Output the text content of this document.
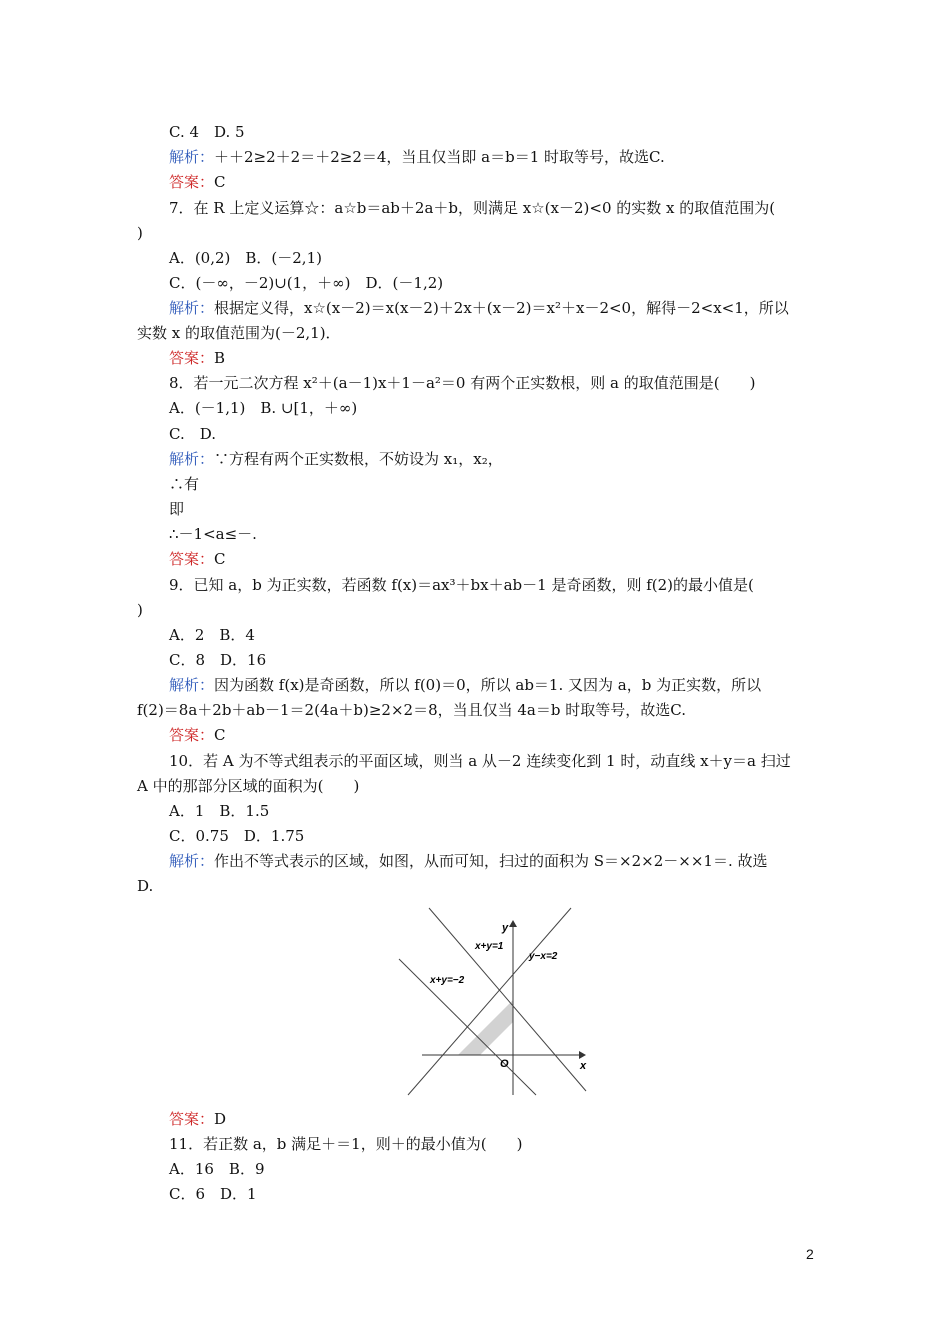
C. 4　D. 5
解析：＋＋2≥2＋2＝＋2≥2＝4，当且仅当即 a＝b＝1 时取等号，故选C.
答案：C
7．在 R 上定义运算☆：a☆b＝ab＋2a＋b，则满足 x☆(x－2)<0 的实数 x 的取值范围为(
)
A．(0,2)　B．(－2,1)
C．(－∞，－2)∪(1，＋∞)　D．(－1,2)
解析：根据定义得，x☆(x－2)＝x(x－2)＋2x＋(x－2)＝x²＋x－2<0，解得－2<x<1，所以
实数 x 的取值范围为(－2,1)．
答案：B
8．若一元二次方程 x²＋(a－1)x＋1－a²＝0 有两个正实数根，则 a 的取值范围是(　　)
A．(－1,1)　B. ∪[1，＋∞)
C.　D.
解析：∵方程有两个正实数根，不妨设为 x₁，x₂，
∴有
即
∴－1<a≤－.
答案：C
9．已知 a，b 为正实数，若函数 f(x)＝ax³＋bx＋ab－1 是奇函数，则 f(2)的最小值是(
)
A．2　B．4
C．8　D．16
解析：因为函数 f(x)是奇函数，所以 f(0)＝0，所以 ab＝1. 又因为 a，b 为正实数，所以
f(2)＝8a＋2b＋ab－1＝2(4a＋b)≥2×2＝8，当且仅当 4a＝b 时取等号，故选C.
答案：C
10．若 A 为不等式组表示的平面区域，则当 a 从－2 连续变化到 1 时，动直线 x＋y＝a 扫过
A 中的那部分区域的面积为(　　)
A．1　B．1.5
C．0.75　D．1.75
解析：作出不等式表示的区域，如图，从而可知，扫过的面积为 S＝×2×2－××1＝. 故选
D.
y
x
O
x+y=1
y−x=2
x+y=−2
答案：D
11．若正数 a，b 满足＋＝1，则＋的最小值为(　　)
A．16　B．9
C．6　D．1
2
